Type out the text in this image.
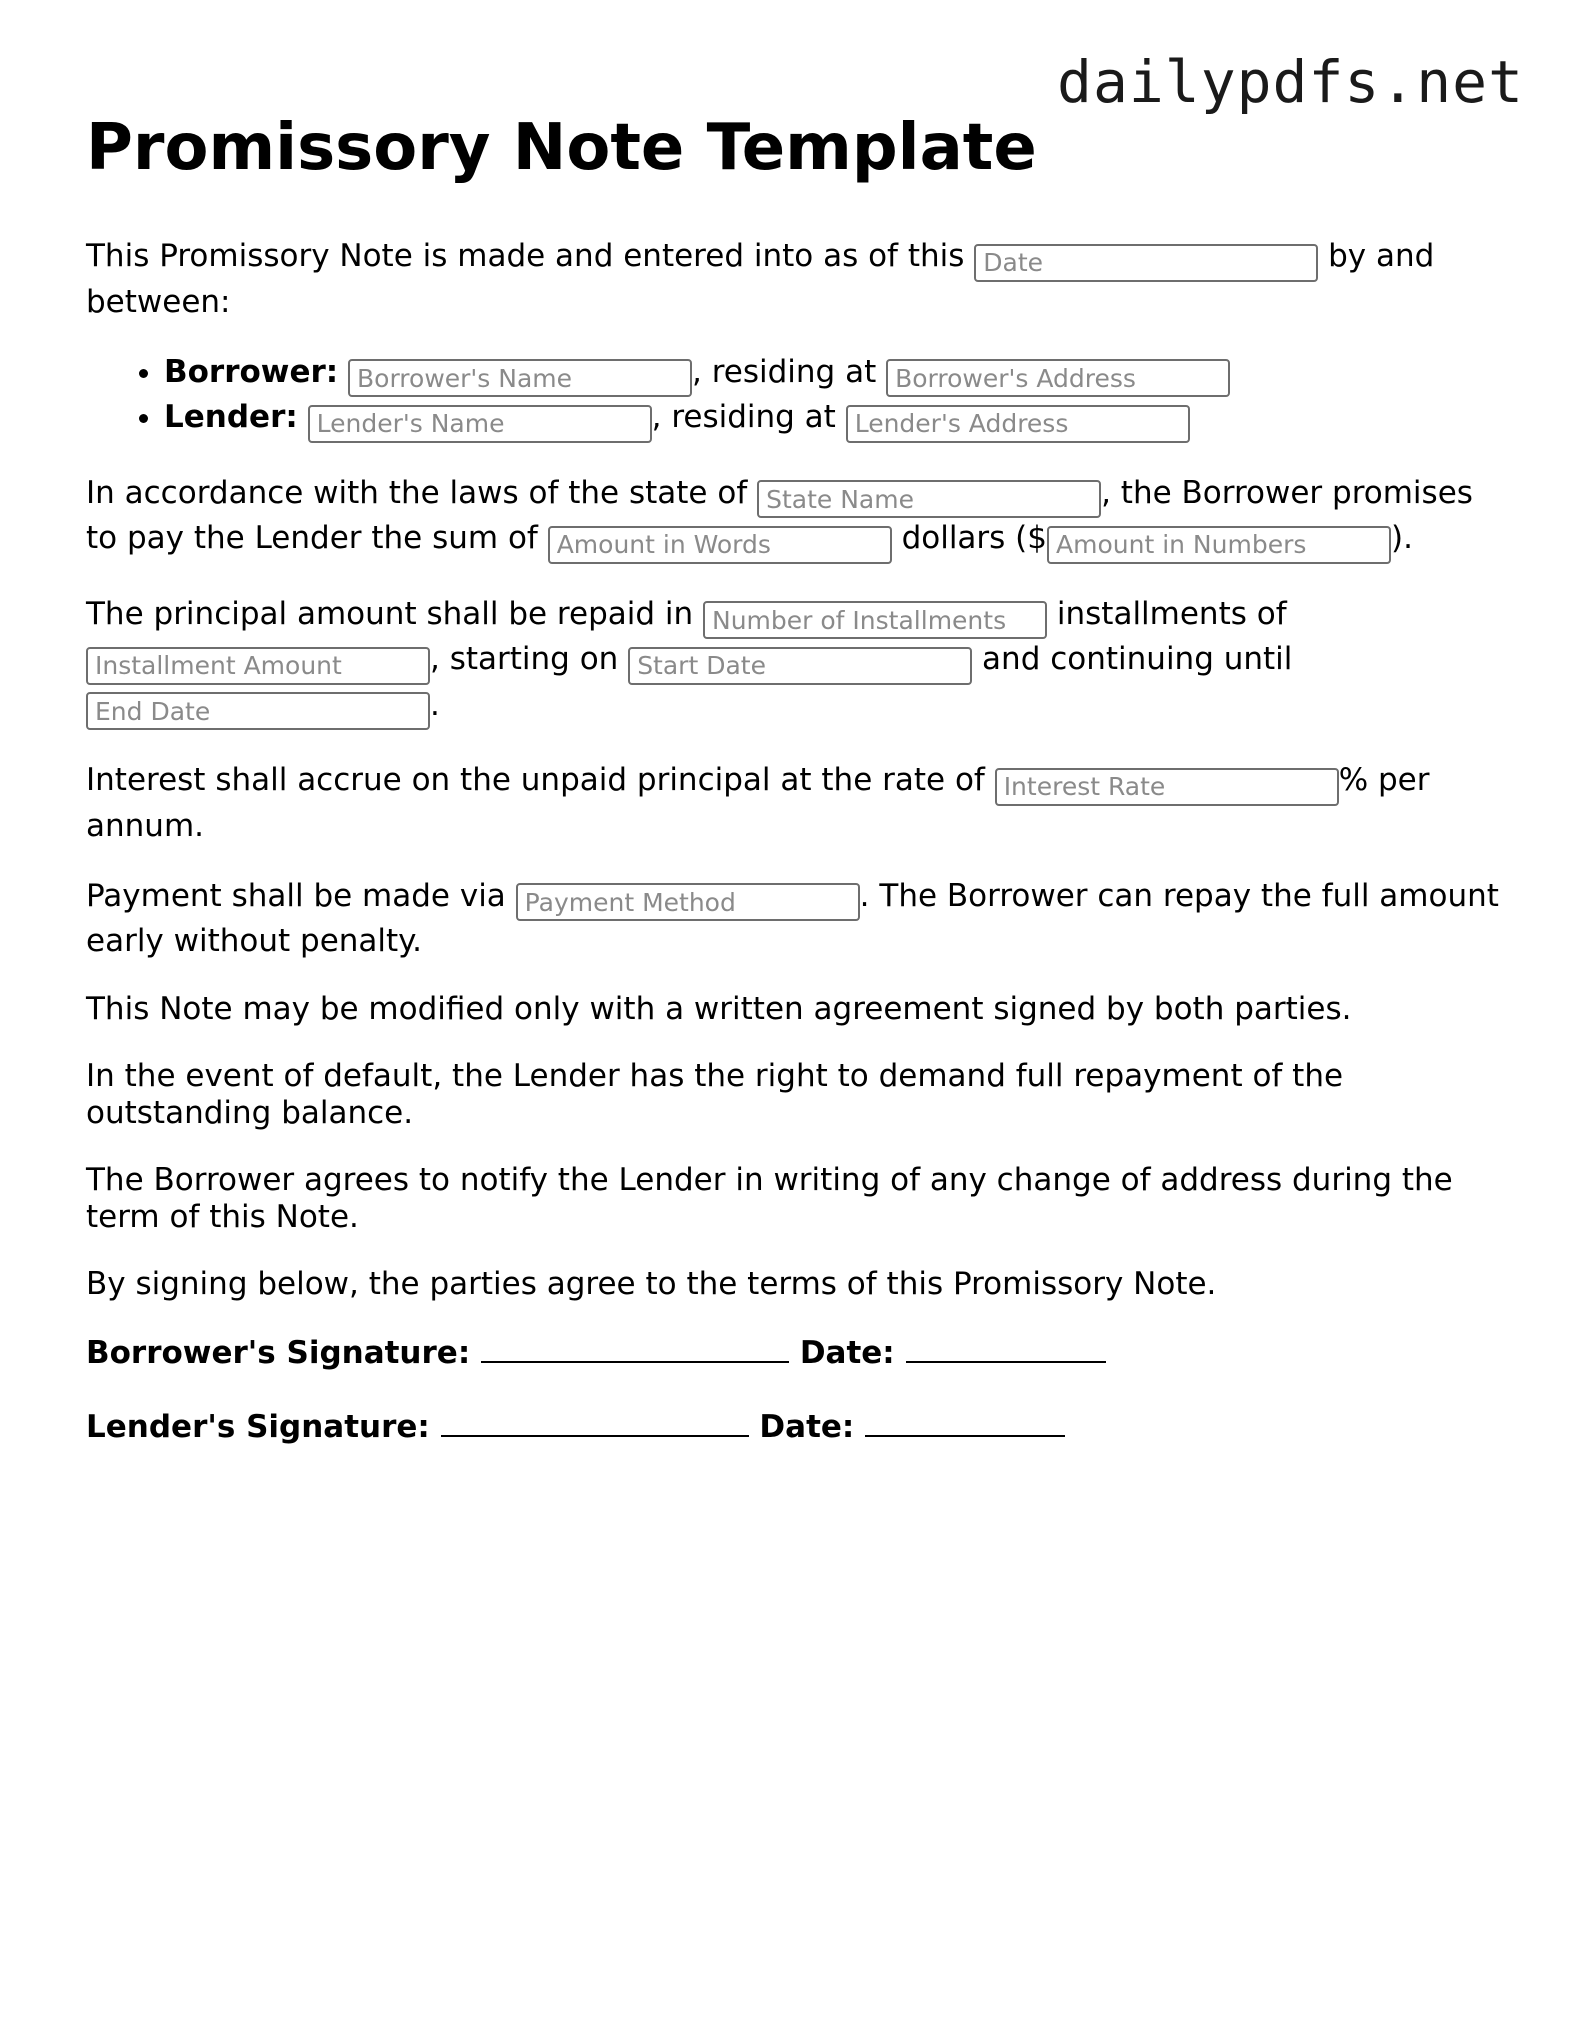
dailypdfs.net
Promissory Note Template

This Promissory Note is made and entered into as of this Date	by and between:

• Borrower: Borrower's Name	, residing at Borrower's Address
• Lender: Lender's Name	, residing at Lender's Address

In accordance with the laws of the state of State Name	, the Borrower promises to pay the Lender the sum of Amount in Words	dollars ($Amount in Numbers	).

The principal amount shall be repaid in Number of Installments	installments of Installment Amount, starting on Start Date	and continuing until End Date.

Interest shall accrue on the unpaid principal at the rate of Interest Rate	% per annum.

Payment shall be made via Payment Method	. The Borrower can repay the full amount early without penalty.

This Note may be modified only with a written agreement signed by both parties.

In the event of default, the Lender has the right to demand full repayment of the outstanding balance.

The Borrower agrees to notify the Lender in writing of any change of address during the term of this Note.

By signing below, the parties agree to the terms of this Promissory Note.

Borrower's Signature:	Date:

Lender's Signature:	Date:
